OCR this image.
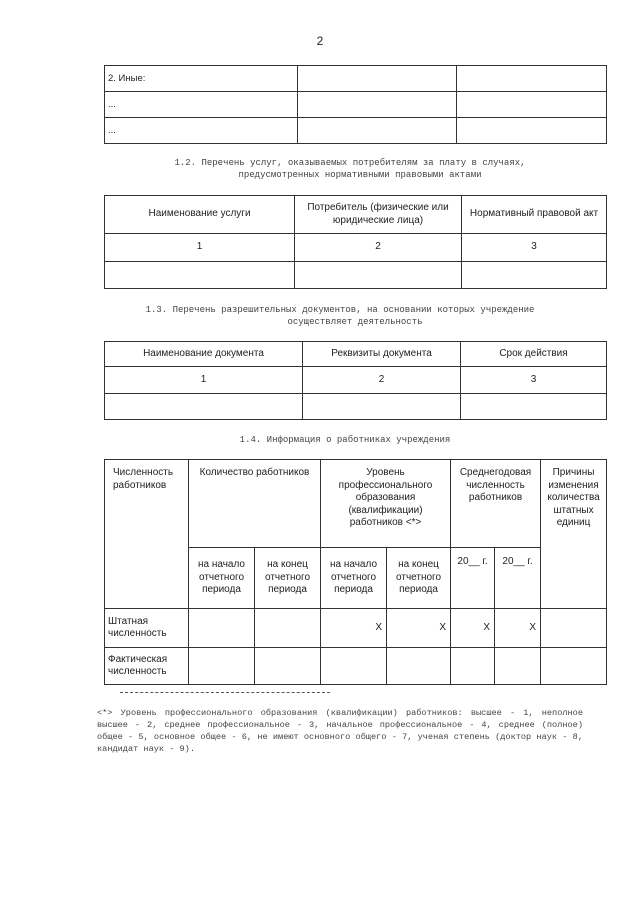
2
2. Иные:		
...		
...		
1.2. Перечень услуг, оказываемых потребителям за плату в случаях,
предусмотренных нормативными правовыми актами
Наименование услуги	Потребитель (физические или юридические лица)	Нормативный правовой акт
1	2	3

1.3. Перечень разрешительных документов, на основании которых учреждение
осуществляет деятельность
Наименование документа	Реквизиты документа	Срок действия
1	2	3

1.4. Информация о работниках учреждения
Численность работников	Количество работников		Уровень профессионального образования (квалификации) работников <*>		Среднегодовая численность работников		Причины изменения количества штатных единиц
	на начало отчетного периода	на конец отчетного периода	на начало отчетного периода	на конец отчетного периода	20__ г.	20__ г.	
Штатная численность			X	X	X	X	
Фактическая численность							
<*> Уровень профессионального образования (квалификации) работников: высшее - 1, неполное высшее - 2, среднее профессиональное - 3, начальное профессиональное - 4, среднее (полное) общее - 5, основное общее - 6, не имеют основного общего - 7, ученая степень (доктор наук - 8, кандидат наук - 9).
